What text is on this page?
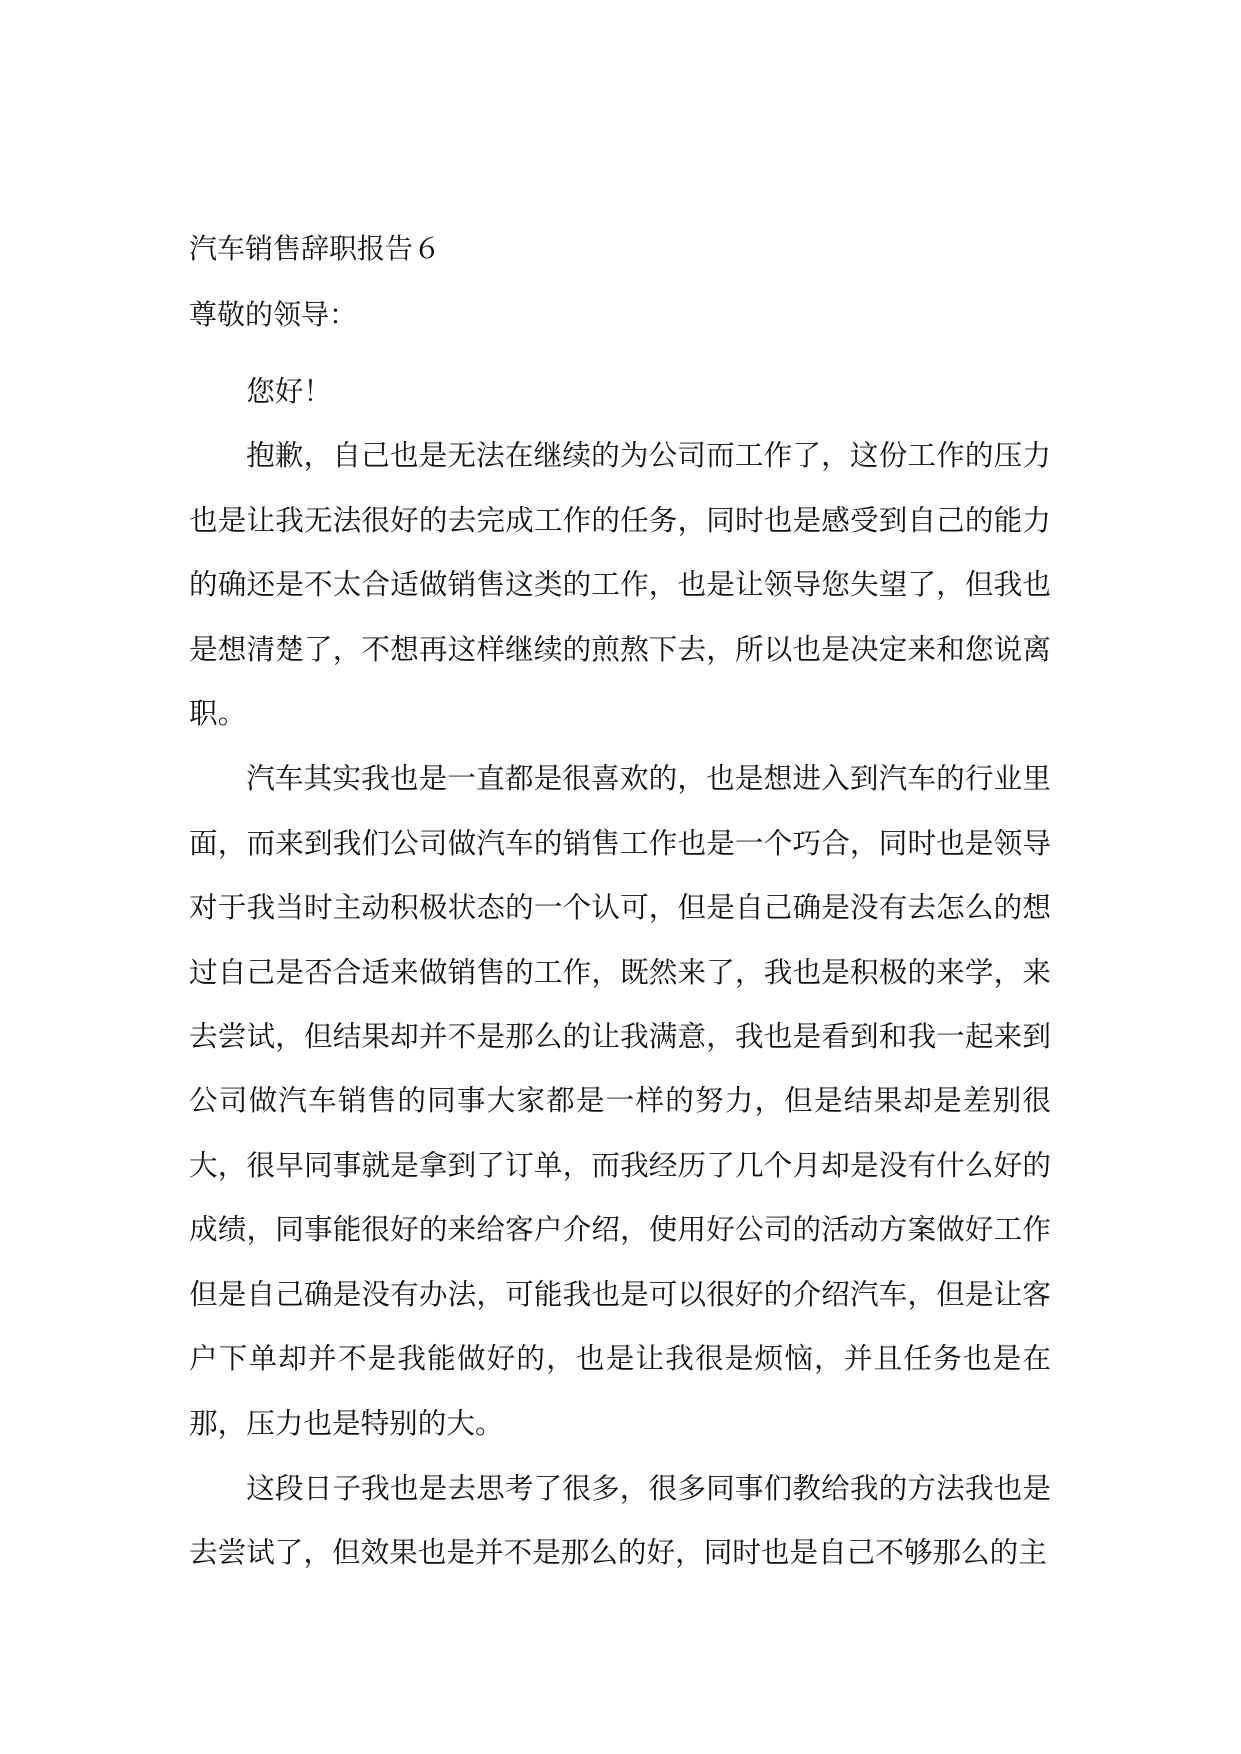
汽车销售辞职报告６
尊敬的领导：

您好！

抱歉，自己也是无法在继续的为公司而工作了，这份工作的压力也是让我无法很好的去完成工作的任务，同时也是感受到自己的能力的确还是不太合适做销售这类的工作，也是让领导您失望了，但我也是想清楚了，不想再这样继续的煎熬下去，所以也是决定来和您说离职。

汽车其实我也是一直都是很喜欢的，也是想进入到汽车的行业里面，而来到我们公司做汽车的销售工作也是一个巧合，同时也是领导对于我当时主动积极状态的一个认可，但是自己确是没有去怎么的想过自己是否合适来做销售的工作，既然来了，我也是积极的来学，来去尝试，但结果却并不是那么的让我满意，我也是看到和我一起来到公司做汽车销售的同事大家都是一样的努力，但是结果却是差别很大，很早同事就是拿到了订单，而我经历了几个月却是没有什么好的成绩，同事能很好的来给客户介绍，使用好公司的活动方案做好工作但是自己确是没有办法，可能我也是可以很好的介绍汽车，但是让客户下单却并不是我能做好的，也是让我很是烦恼，并且任务也是在那，压力也是特别的大。

这段日子我也是去思考了很多，很多同事们教给我的方法我也是去尝试了，但效果也是并不是那么的好，同时也是自己不够那么的主
